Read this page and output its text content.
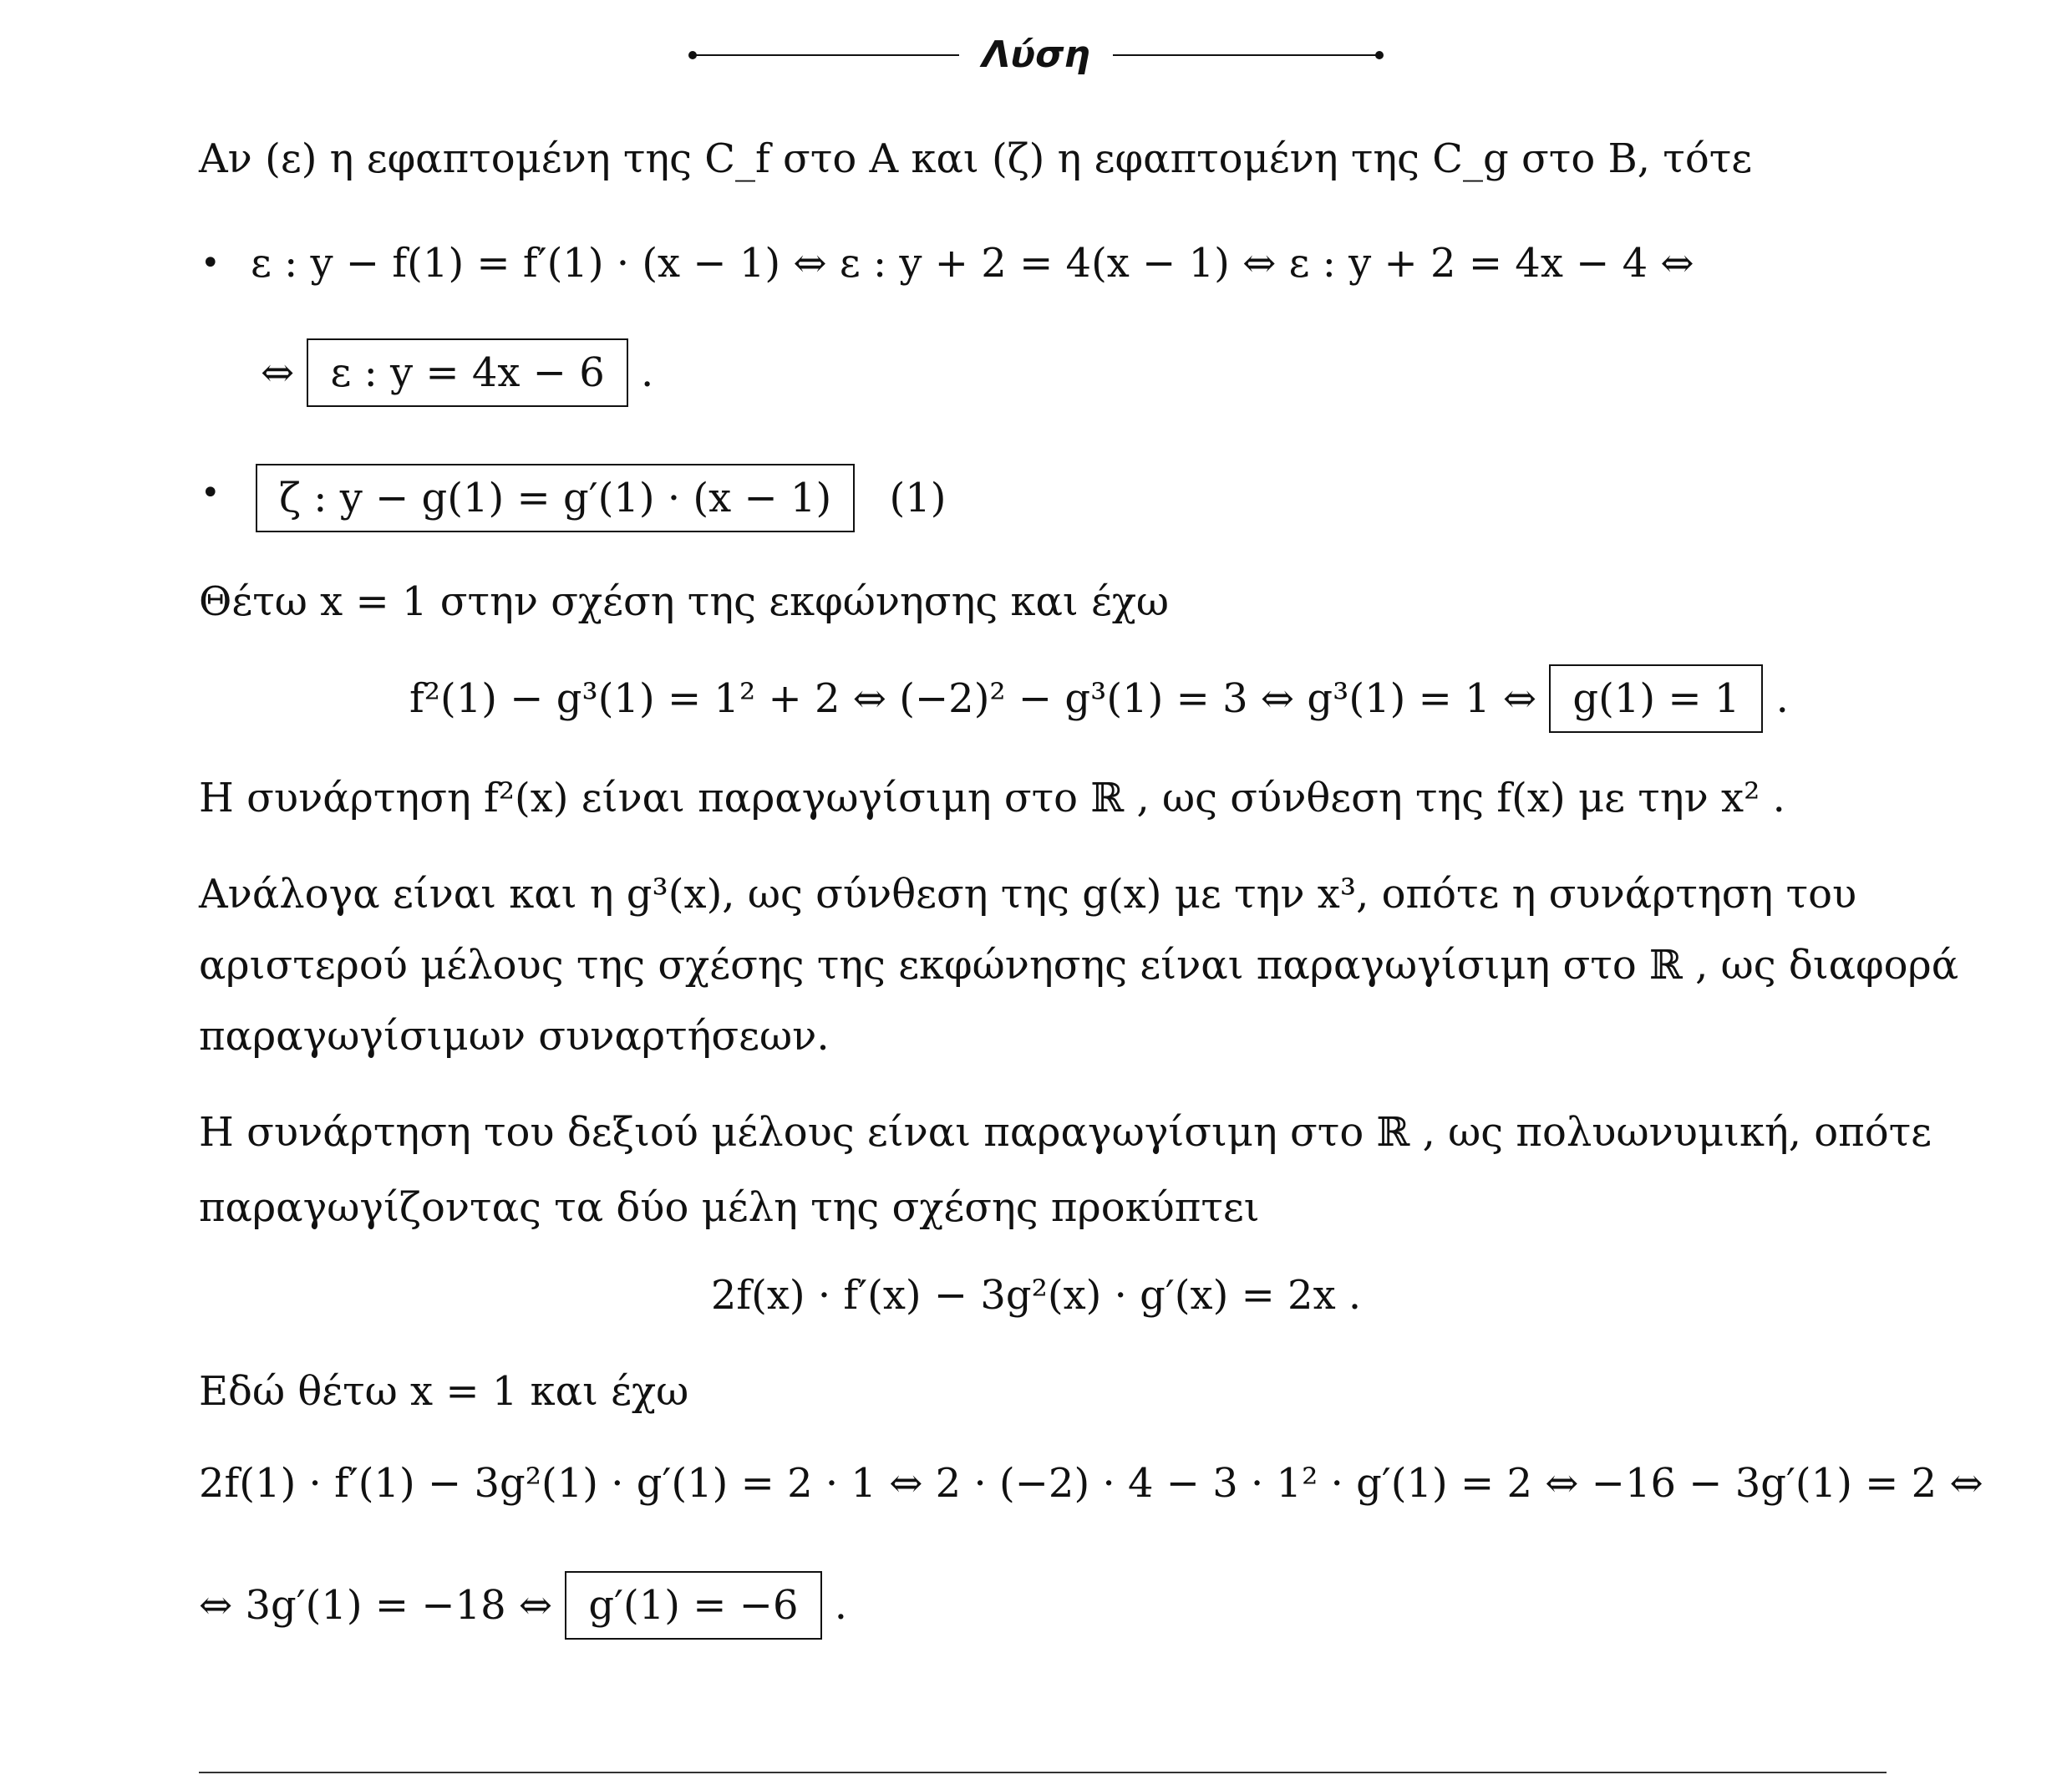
Λύση
Αν (ε) η εφαπτομένη της C_f στο A και (ζ) η εφαπτομένη της C_g στο B, τότε
• ε : y − f(1) = f′(1) · (x − 1) ⇔ ε : y + 2 = 4(x − 1) ⇔ ε : y + 2 = 4x − 4 ⇔
⇔ ε : y = 4x − 6 .
•	ζ : y − g(1) = g′(1) · (x − 1) (1)
Θέτω x = 1 στην σχέση της εκφώνησης και έχω
f²(1) − g³(1) = 1² + 2 ⇔ (−2)² − g³(1) = 3 ⇔ g³(1) = 1 ⇔ g(1) = 1 .
Η συνάρτηση f²(x) είναι παραγωγίσιμη στο ℝ , ως σύνθεση της f(x) με την x² .
Ανάλογα είναι και η g³(x), ως σύνθεση της g(x) με την x³, οπότε η συνάρτηση του
αριστερού μέλους της σχέσης της εκφώνησης είναι παραγωγίσιμη στο ℝ , ως διαφορά
παραγωγίσιμων συναρτήσεων.
Η συνάρτηση του δεξιού μέλους είναι παραγωγίσιμη στο ℝ , ως πολυωνυμική, οπότε
παραγωγίζοντας τα δύο μέλη της σχέσης προκύπτει
2f(x) · f′(x) − 3g²(x) · g′(x) = 2x .
Εδώ θέτω x = 1 και έχω
2f(1) · f′(1) − 3g²(1) · g′(1) = 2 · 1 ⇔ 2 · (−2) · 4 − 3 · 1² · g′(1) = 2 ⇔ −16 − 3g′(1) = 2 ⇔
⇔ 3g′(1) = −18 ⇔ g′(1) = −6 .
